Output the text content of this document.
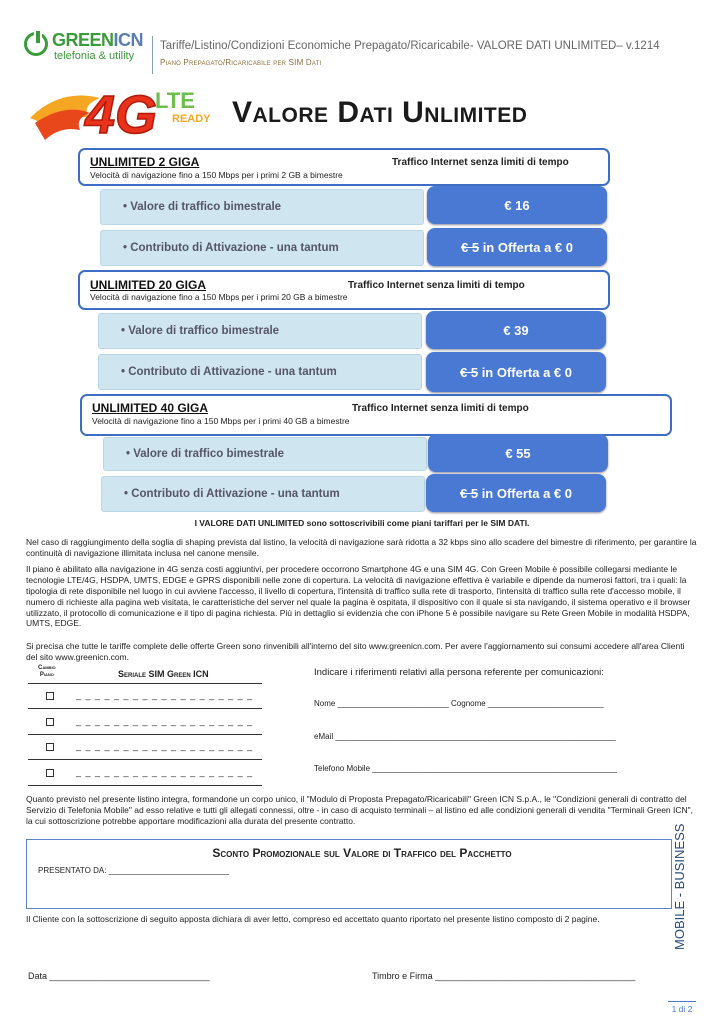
GREENICN
telefonia & utility
Tariffe/Listino/Condizioni Economiche Prepagato/Ricaricabile- VALORE DATI UNLIMITED– v.1214
Piano Prepagato/Ricaricabile per SIM Dati
4G
LTE
READY Valore Dati Unlimited
UNLIMITED 2 GIGA	Traffico Internet senza limiti di tempo
Velocità di navigazione fino a 150 Mbps per i primi 2 GB a bimestre
• Valore di traffico bimestrale	€ 16
• Contributo di Attivazione - una tantum	€ 5
in Offerta a € 0
UNLIMITED 20 GIGA	Traffico Internet senza limiti di tempo
Velocità di navigazione fino a 150 Mbps per i primi 20 GB a bimestre
• Valore di traffico bimestrale	€ 39
• Contributo di Attivazione - una tantum	€ 5
in Offerta a € 0
UNLIMITED 40 GIGA	Traffico Internet senza limiti di tempo
Velocità di navigazione fino a 150 Mbps per i primi 40 GB a bimestre
• Valore di traffico bimestrale	€ 55
• Contributo di Attivazione - una tantum	€ 5
in Offerta a € 0
I VALORE DATI UNLIMITED sono sottoscrivibili come piani tariffari per le SIM DATI.
Nel caso di raggiungimento della soglia di shaping prevista dal listino, la velocità di navigazione sarà ridotta a 32 kbps sino allo scadere del bimestre di riferimento, per garantire la continuità di navigazione illimitata inclusa nel canone mensile.
Il piano è abilitato alla navigazione in 4G senza costi aggiuntivi, per procedere occorrono Smartphone 4G e una SIM 4G. Con Green Mobile è possibile collegarsi mediante le tecnologie LTE/4G, HSDPA, UMTS, EDGE e GPRS disponibili nelle zone di copertura. La velocità di navigazione effettiva è variabile e dipende da numerosi fattori, tra i quali: la tipologia di rete disponibile nel luogo in cui avviene l'accesso, il livello di copertura, l'intensità di traffico sulla rete di trasporto, l'intensità di traffico sulla rete d'accesso mobile, il numero di richieste alla pagina web visitata, le caratteristiche del server nel quale la pagina è ospitata, il dispositivo con il quale si sta navigando, il sistema operativo e il browser utilizzato, il protocollo di comunicazione e il tipo di pagina richiesta. Più in dettaglio si evidenzia che con iPhone 5 è possibile navigare su Rete Green Mobile in modalità HSDPA, UMTS, EDGE.
Si precisa che tutte le tariffe complete delle offerte Green sono rinvenibili all'interno del sito www.greenicn.com. Per avere l'aggiornamento sui consumi accedere all'area Clienti del sito www.greenicn.com.
Cambio
Piano	Seriale SIM Green ICN
_ _ _ _ _ _ _ _ _ _ _ _ _ _ _ _ _ _ _
_ _ _ _ _ _ _ _ _ _ _ _ _ _ _ _ _ _ _
_ _ _ _ _ _ _ _ _ _ _ _ _ _ _ _ _ _ _
_ _ _ _ _ _ _ _ _ _ _ _ _ _ _ _ _ _ _
Indicare i riferimenti relativi alla persona referente per comunicazioni:
Nome _________________________ Cognome __________________________
eMail _______________________________________________________________
Telefono Mobile _______________________________________________________
Quanto previsto nel presente listino integra, formandone un corpo unico, il "Modulo di Proposta Prepagato/Ricaricabili" Green ICN S.p.A., le "Condizioni generali di contratto del Servizio di Telefonia Mobile" ad esso relative e tutti gli allegati connessi, oltre - in caso di acquisto terminali – al listino ed alle condizioni generali di vendita "Terminali Green ICN", la cui sottoscrizione potrebbe apportare modificazioni alla durata del presente contratto.
Sconto Promozionale sul Valore di Traffico del Pacchetto
PRESENTATO DA: ___________________________	MOBILE - BUSINESS
Il Cliente con la sottoscrizione di seguito apposta dichiara di aver letto, compreso ed accettato quanto riportato nel presente listino composto di 2 pagine.
Data ________________________________	Timbro e Firma ________________________________________
1 di 2
